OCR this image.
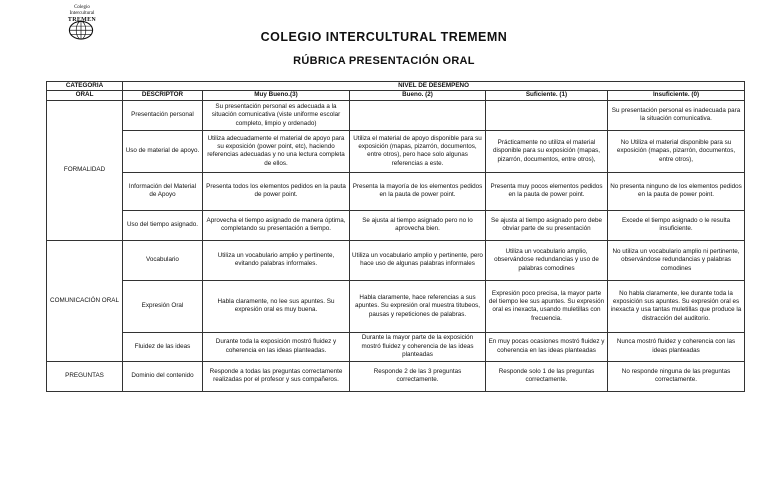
Colegio
Intercultural
TREMEN
COLEGIO INTERCULTURAL TREMEMN
RÚBRICA PRESENTACIÓN ORAL
CATEGORIA	NIVEL DE DESEMPEÑO				
ORAL	DESCRIPTOR	Muy Bueno.(3)	Bueno. (2)	Suficiente. (1)	Insuficiente. (0)
FORMALIDAD	Presentación personal	Su presentación personal es adecuada a la situación comunicativa (viste uniforme escolar completo, limpio y ordenado)			Su presentación personal es inadecuada para la situación comunicativa.
	Uso de material de apoyo.	Utiliza adecuadamente el material de apoyo para su exposición (power point, etc), haciendo referencias adecuadas y no una lectura completa de ellos.	Utiliza el material de apoyo disponible para su exposición (mapas, pizarrón, documentos, entre otros), pero hace solo algunas referencias a este.	Prácticamente no utiliza el material disponible para su exposición (mapas, pizarrón, documentos, entre otros),	No Utiliza el material disponible para su exposición (mapas, pizarrón, documentos, entre otros),
	Información del Material de Apoyo	Presenta todos los elementos pedidos en la pauta de power point.	Presenta la mayoría de los elementos pedidos en la pauta de power point.	Presenta muy pocos elementos pedidos en la pauta de power point.	No presenta ninguno de los elementos pedidos en la pauta de power point.
	Uso del tiempo asignado.	Aprovecha el tiempo asignado de manera óptima, completando su presentación a tiempo.	Se ajusta al tiempo asignado pero no lo aprovecha bien.	Se ajusta al tiempo asignado pero debe obviar parte de su presentación	Excede el tiempo asignado o le resulta insuficiente.
COMUNICACIÓN ORAL	Vocabulario	Utiliza un vocabulario amplio y pertinente, evitando palabras informales.	Utiliza un vocabulario amplio y pertinente, pero hace uso de algunas palabras informales	Utiliza un vocabulario amplio, observándose redundancias y uso de palabras comodines	No utiliza un vocabulario amplio ni pertinente, observándose redundancias y palabras comodines
	Expresión Oral	Habla claramente, no lee sus apuntes. Su expresión oral es muy buena.	Habla claramente, hace referencias a sus apuntes. Su expresión oral muestra titubeos, pausas y repeticiones de palabras.	Expresión poco precisa, la mayor parte del tiempo lee sus apuntes. Su expresión oral es inexacta, usando muletillas con frecuencia.	No habla claramente, lee durante toda la exposición sus apuntes. Su expresión oral es inexacta y usa tantas muletillas que produce la distracción del auditorio.
	Fluidez de las ideas	Durante toda la exposición mostró fluidez y coherencia en las ideas planteadas.	Durante la mayor parte de la exposición mostró fluidez y coherencia de las ideas planteadas	En muy pocas ocasiones mostró fluidez y coherencia en las ideas planteadas	Nunca mostró fluidez y coherencia con las ideas planteadas
PREGUNTAS	Dominio del contenido	Responde a todas las preguntas correctamente realizadas por el profesor y sus compañeros.	Responde 2 de las 3 preguntas correctamente.	Responde solo 1 de las preguntas correctamente.	No responde ninguna de las preguntas correctamente.
